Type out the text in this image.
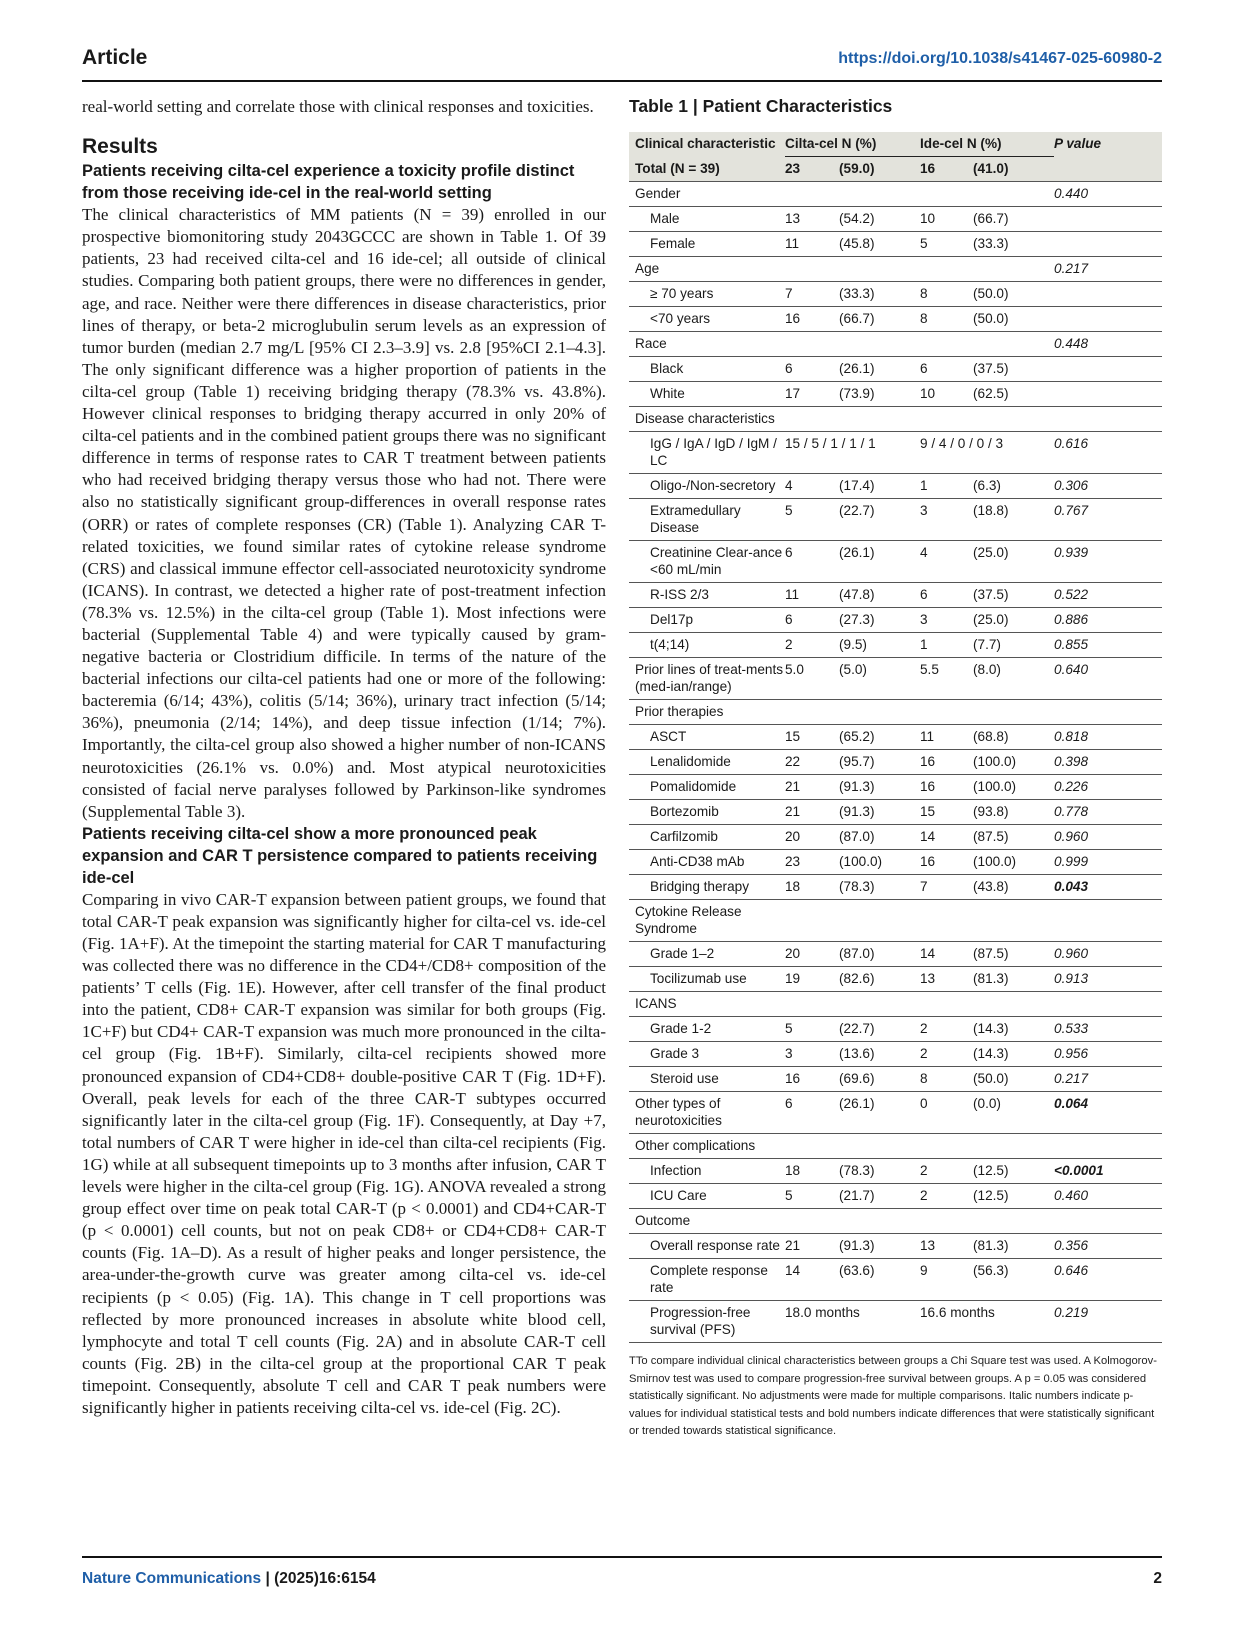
Article	https://doi.org/10.1038/s41467-025-60980-2

real-world setting and correlate those with clinical responses and toxicities.

Results

Patients receiving cilta-cel experience a toxicity profile distinct from those receiving ide-cel in the real-world setting

The clinical characteristics of MM patients (N = 39) enrolled in our prospective biomonitoring study 2043GCCC are shown in Table 1. Of 39 patients, 23 had received cilta-cel and 16 ide-cel; all outside of clinical studies. Comparing both patient groups, there were no differences in gender, age, and race. Neither were there differences in disease characteristics, prior lines of therapy, or beta-2 microglubulin serum levels as an expression of tumor burden (median 2.7 mg/L [95% CI 2.3–3.9] vs. 2.8 [95%CI 2.1–4.3]. The only significant difference was a higher proportion of patients in the cilta-cel group (Table 1) receiving bridging therapy (78.3% vs. 43.8%). However clinical responses to bridging therapy accurred in only 20% of cilta-cel patients and in the combined patient groups there was no significant difference in terms of response rates to CAR T treatment between patients who had received bridging therapy versus those who had not. There were also no statistically significant group-differences in overall response rates (ORR) or rates of complete responses (CR) (Table 1). Analyzing CAR T-related toxicities, we found similar rates of cytokine release syndrome (CRS) and classical immune effector cell-associated neurotoxicity syndrome (ICANS). In contrast, we detected a higher rate of post-treatment infection (78.3% vs. 12.5%) in the cilta-cel group (Table 1). Most infections were bacterial (Supplemental Table 4) and were typically caused by gram-negative bacteria or Clostridium difficile. In terms of the nature of the bacterial infections our cilta-cel patients had one or more of the following: bacteremia (6/14; 43%), colitis (5/14; 36%), urinary tract infection (5/14; 36%), pneumonia (2/14; 14%), and deep tissue infection (1/14; 7%). Importantly, the cilta-cel group also showed a higher number of non-ICANS neurotoxicities (26.1% vs. 0.0%) and. Most atypical neurotoxicities consisted of facial nerve paralyses followed by Parkinson-like syndromes (Supplemental Table 3).

Patients receiving cilta-cel show a more pronounced peak expansion and CAR T persistence compared to patients receiving ide-cel

Comparing in vivo CAR-T expansion between patient groups, we found that total CAR-T peak expansion was significantly higher for cilta-cel vs. ide-cel (Fig. 1A+F). At the timepoint the starting material for CAR T manufacturing was collected there was no difference in the CD4+/CD8+ composition of the patients’ T cells (Fig. 1E). However, after cell transfer of the final product into the patient, CD8+ CAR-T expansion was similar for both groups (Fig. 1C+F) but CD4+ CAR-T expansion was much more pronounced in the cilta-cel group (Fig. 1B+F). Similarly, cilta-cel recipients showed more pronounced expansion of CD4+CD8+ double-positive CAR T (Fig. 1D+F). Overall, peak levels for each of the three CAR-T subtypes occurred significantly later in the cilta-cel group (Fig. 1F). Consequently, at Day +7, total numbers of CAR T were higher in ide-cel than cilta-cel recipients (Fig. 1G) while at all subsequent timepoints up to 3 months after infusion, CAR T levels were higher in the cilta-cel group (Fig. 1G). ANOVA revealed a strong group effect over time on peak total CAR-T (p < 0.0001) and CD4+CAR-T (p < 0.0001) cell counts, but not on peak CD8+ or CD4+CD8+ CAR-T counts (Fig. 1A–D). As a result of higher peaks and longer persistence, the area-under-the-growth curve was greater among cilta-cel vs. ide-cel recipients (p < 0.05) (Fig. 1A). This change in T cell proportions was reflected by more pronounced increases in absolute white blood cell, lymphocyte and total T cell counts (Fig. 2A) and in absolute CAR-T cell counts (Fig. 2B) in the cilta-cel group at the proportional CAR T peak timepoint. Consequently, absolute T cell and CAR T peak numbers were significantly higher in patients receiving cilta-cel vs. ide-cel (Fig. 2C).

Table 1 | Patient Characteristics
Clinical characteristic	Cilta-cel N (%)		Ide-cel N (%)		P value
Total (N = 39)	23	(59.0)	16	(41.0)	
Gender					0.440
Male	13	(54.2)	10	(66.7)	
Female	11	(45.8)	5	(33.3)	
Age					0.217
≥ 70 years	7	(33.3)	8	(50.0)	
<70 years	16	(66.7)	8	(50.0)	
Race					0.448
Black	6	(26.1)	6	(37.5)	
White	17	(73.9)	10	(62.5)	
Disease characteristics					
IgG / IgA / IgD / IgM / LC	15 / 5 / 1 / 1 / 1		9 / 4 / 0 / 0 / 3		0.616
Oligo-/Non-secretory	4	(17.4)	1	(6.3)	0.306
Extramedullary Disease	5	(22.7)	3	(18.8)	0.767
Creatinine Clear-ance <60 mL/min	6	(26.1)	4	(25.0)	0.939
R-ISS 2/3	11	(47.8)	6	(37.5)	0.522
Del17p	6	(27.3)	3	(25.0)	0.886
t(4;14)	2	(9.5)	1	(7.7)	0.855
Prior lines of treat-ments (med-ian/range)	5.0	(5.0)	5.5	(8.0)	0.640
Prior therapies					
ASCT	15	(65.2)	11	(68.8)	0.818
Lenalidomide	22	(95.7)	16	(100.0)	0.398
Pomalidomide	21	(91.3)	16	(100.0)	0.226
Bortezomib	21	(91.3)	15	(93.8)	0.778
Carfilzomib	20	(87.0)	14	(87.5)	0.960
Anti-CD38 mAb	23	(100.0)	16	(100.0)	0.999
Bridging therapy	18	(78.3)	7	(43.8)	0.043
Cytokine Release Syndrome					
Grade 1–2	20	(87.0)	14	(87.5)	0.960
Tocilizumab use	19	(82.6)	13	(81.3)	0.913
ICANS					
Grade 1-2	5	(22.7)	2	(14.3)	0.533
Grade 3	3	(13.6)	2	(14.3)	0.956
Steroid use	16	(69.6)	8	(50.0)	0.217
Other types of neurotoxicities	6	(26.1)	0	(0.0)	0.064
Other complications					
Infection	18	(78.3)	2	(12.5)	<0.0001
ICU Care	5	(21.7)	2	(12.5)	0.460
Outcome					
Overall response rate	21	(91.3)	13	(81.3)	0.356
Complete response rate	14	(63.6)	9	(56.3)	0.646
Progression-free survival (PFS)	18.0 months		16.6 months		0.219
TTo compare individual clinical characteristics between groups a Chi Square test was used. A Kolmogorov-Smirnov test was used to compare progression-free survival between groups. A p = 0.05 was considered statistically significant. No adjustments were made for multiple comparisons. Italic numbers indicate p-values for individual statistical tests and bold numbers indicate differences that were statistically significant or trended towards statistical significance.
Nature Communications | (2025)16:6154	2
